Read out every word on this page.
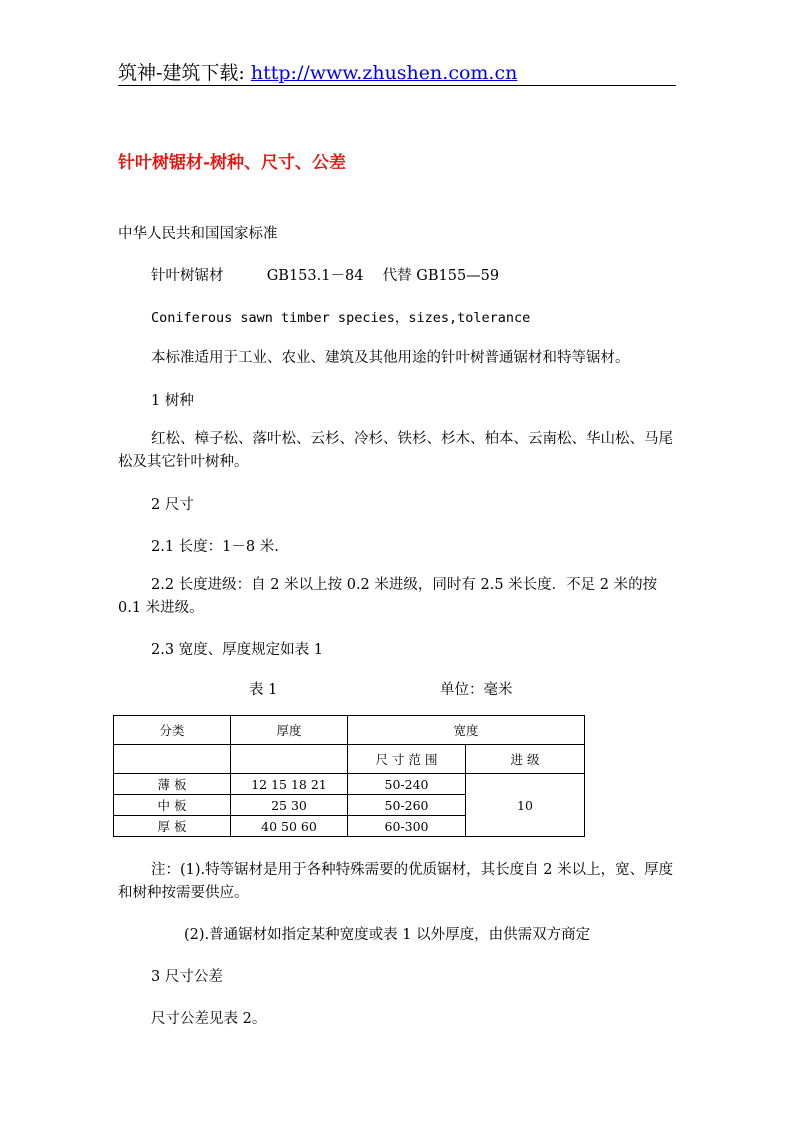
筑神-建筑下载: http://www.zhushen.com.cn
针叶树锯材-树种、尺寸、公差
中华人民共和国国家标准
针叶树锯材	GB153.1－84 代替 GB155—59
Coniferous sawn timber species，sizes,tolerance
本标准适用于工业、农业、建筑及其他用途的针叶树普通锯材和特等锯材。
1 树种
红松、樟子松、落叶松、云杉、冷杉、铁杉、杉木、柏本、云南松、华山松、马尾松及其它针叶树种。
2 尺寸
2.1 长度：1－8 米.
2.2 长度进级：自 2 米以上按 0.2 米进级，同时有 2.5 米长度．不足 2 米的按 0.1 米进级。
2.3 宽度、厚度规定如表 1
表 1	单位：毫米
分类	厚度	宽度	
		尺 寸 范 围	进 级
薄 板	12 15 18 21	50-240	10
中 板	25 30	50-260	
厚 板	40 50 60	60-300	
注：(1).特等锯材是用于各种特殊需要的优质锯材，其长度自 2 米以上，宽、厚度和树种按需要供应。
(2).普通锯材如指定某种宽度或表 1 以外厚度，由供需双方商定
3 尺寸公差
尺寸公差见表 2。
